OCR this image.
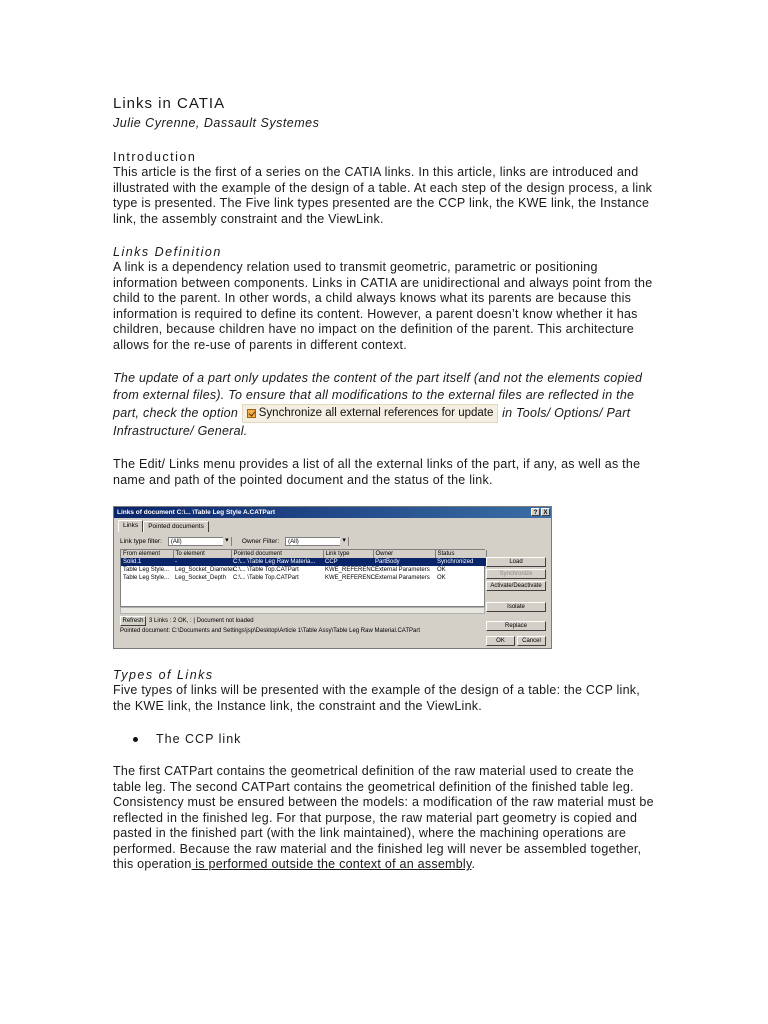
Links in CATIA
Julie Cyrenne, Dassault Systemes
Introduction
This article is the first of a series on the CATIA links. In this article, links are introduced and illustrated with the example of the design of a table. At each step of the design process, a link type is presented. The Five link types presented are the CCP link, the KWE link, the Instance link, the assembly constraint and the ViewLink.
Links Definition
A link is a dependency relation used to transmit geometric, parametric or positioning information between components. Links in CATIA are unidirectional and always point from the child to the parent. In other words, a child always knows what its parents are because this information is required to define its content. However, a parent doesn’t know whether it has children, because children have no impact on the definition of the parent. This architecture allows for the re-use of parents in different context.
The update of a part only updates the content of the part itself (and not the elements copied from external files). To ensure that all modifications to the external files are reflected in the part, check the option Synchronize all external references for update in Tools/ Options/ Part Infrastructure/ General.
The Edit/ Links menu provides a list of all the external links of the part, if any, as well as the name and path of the pointed document and the status of the link.
Links of document C:\... \Table Leg Style A.CATPart	?	X
Links	Pointed documents
Link type filter:	(All) ▾	Owner Filter:	(All) ▾
From element	To element	Pointed document	Link type	Owner	Status
Solid.1	-	C:\... \Table Leg Raw Materia...	CCP	PartBody	Synchronized
Table Leg Style...	Leg_Socket_Diameter	C:\... \Table Top.CATPart	KWE_REFERENCE	External Parameters	OK
Table Leg Style...	Leg_Socket_Depth	C:\... \Table Top.CATPart	KWE_REFERENCE	External Parameters	OK
Load
Synchronize
Activate/Deactivate
Isolate
Refresh 3 Links : 2 OK, : | Document not loaded
Pointed document: C:\Documents and Settings\jsp\Desktop\Article 1\Table Assy\Table Leg Raw Material.CATPart
Replace
OK	Cancel
Types of Links
Five types of links will be presented with the example of the design of a table: the CCP link, the KWE link, the Instance link, the constraint and the ViewLink.
The CCP link
The first CATPart contains the geometrical definition of the raw material used to create the table leg. The second CATPart contains the geometrical definition of the finished table leg. Consistency must be ensured between the models: a modification of the raw material must be reflected in the finished leg. For that purpose, the raw material part geometry is copied and pasted in the finished part (with the link maintained), where the machining operations are performed. Because the raw material and the finished leg will never be assembled together, this operation is performed outside the context of an assembly.
